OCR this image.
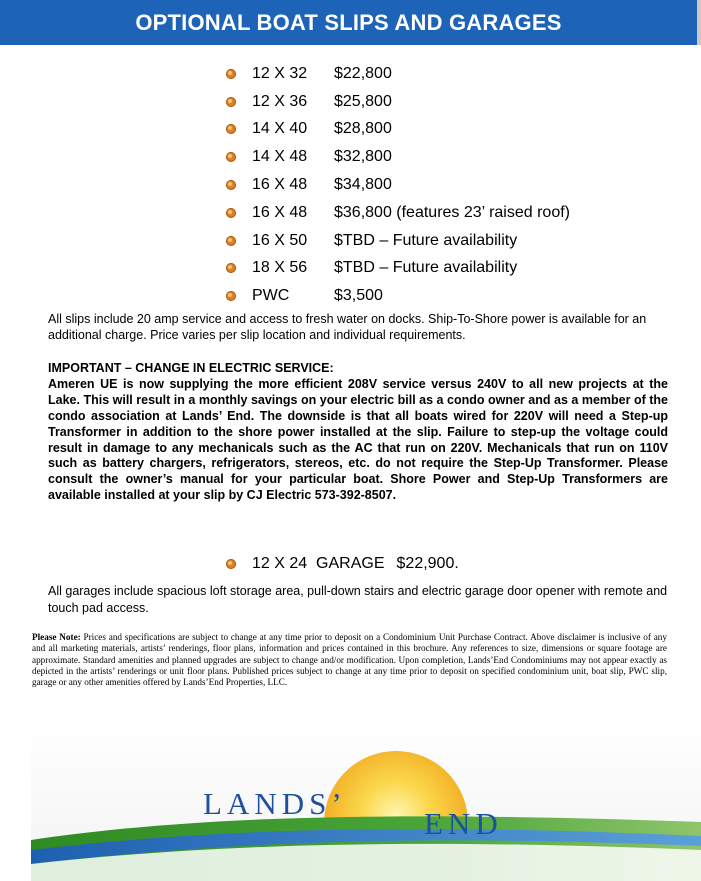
OPTIONAL BOAT SLIPS AND GARAGES
12 X 32	$22,800
12 X 36	$25,800
14 X 40	$28,800
14 X 48	$32,800
16 X 48	$34,800
16 X 48	$36,800 (features 23’ raised roof)
16 X 50	$TBD – Future availability
18 X 56	$TBD – Future availability
PWC	$3,500

All slips include 20 amp service and access to fresh water on docks. Ship-To-Shore power is available for an additional charge. Price varies per slip location and individual requirements.

IMPORTANT – CHANGE IN ELECTRIC SERVICE:
Ameren UE is now supplying the more efficient 208V service versus 240V to all new projects at the Lake. This will result in a monthly savings on your electric bill as a condo owner and as a member of the condo association at Lands’ End. The downside is that all boats wired for 220V will need a Step-up Transformer in addition to the shore power installed at the slip. Failure to step-up the voltage could result in damage to any mechanicals such as the AC that run on 220V. Mechanicals that run on 110V such as battery chargers, refrigerators, stereos, etc. do not require the Step-Up Transformer. Please consult the owner’s manual for your particular boat. Shore Power and Step-Up Transformers are available installed at your slip by CJ Electric 573-392-8507.
12 X 24  GARAGE $22,900.

All garages include spacious loft storage area, pull-down stairs and electric garage door opener with remote and touch pad access.

Please Note: Prices and specifications are subject to change at any time prior to deposit on a Condominium Unit Purchase Contract. Above disclaimer is inclusive of any and all marketing materials, artists’ renderings, floor plans, information and prices contained in this brochure. Any references to size, dimensions or square footage are approximate. Standard amenities and planned upgrades are subject to change and/or modification. Upon completion, Lands’End Condominiums may not appear exactly as depicted in the artists’ renderings or unit floor plans. Published prices subject to change at any time prior to deposit on specified condominium unit, boat slip, PWC slip, garage or any other amenities offered by Lands’End Properties, LLC.

LANDS’
END
